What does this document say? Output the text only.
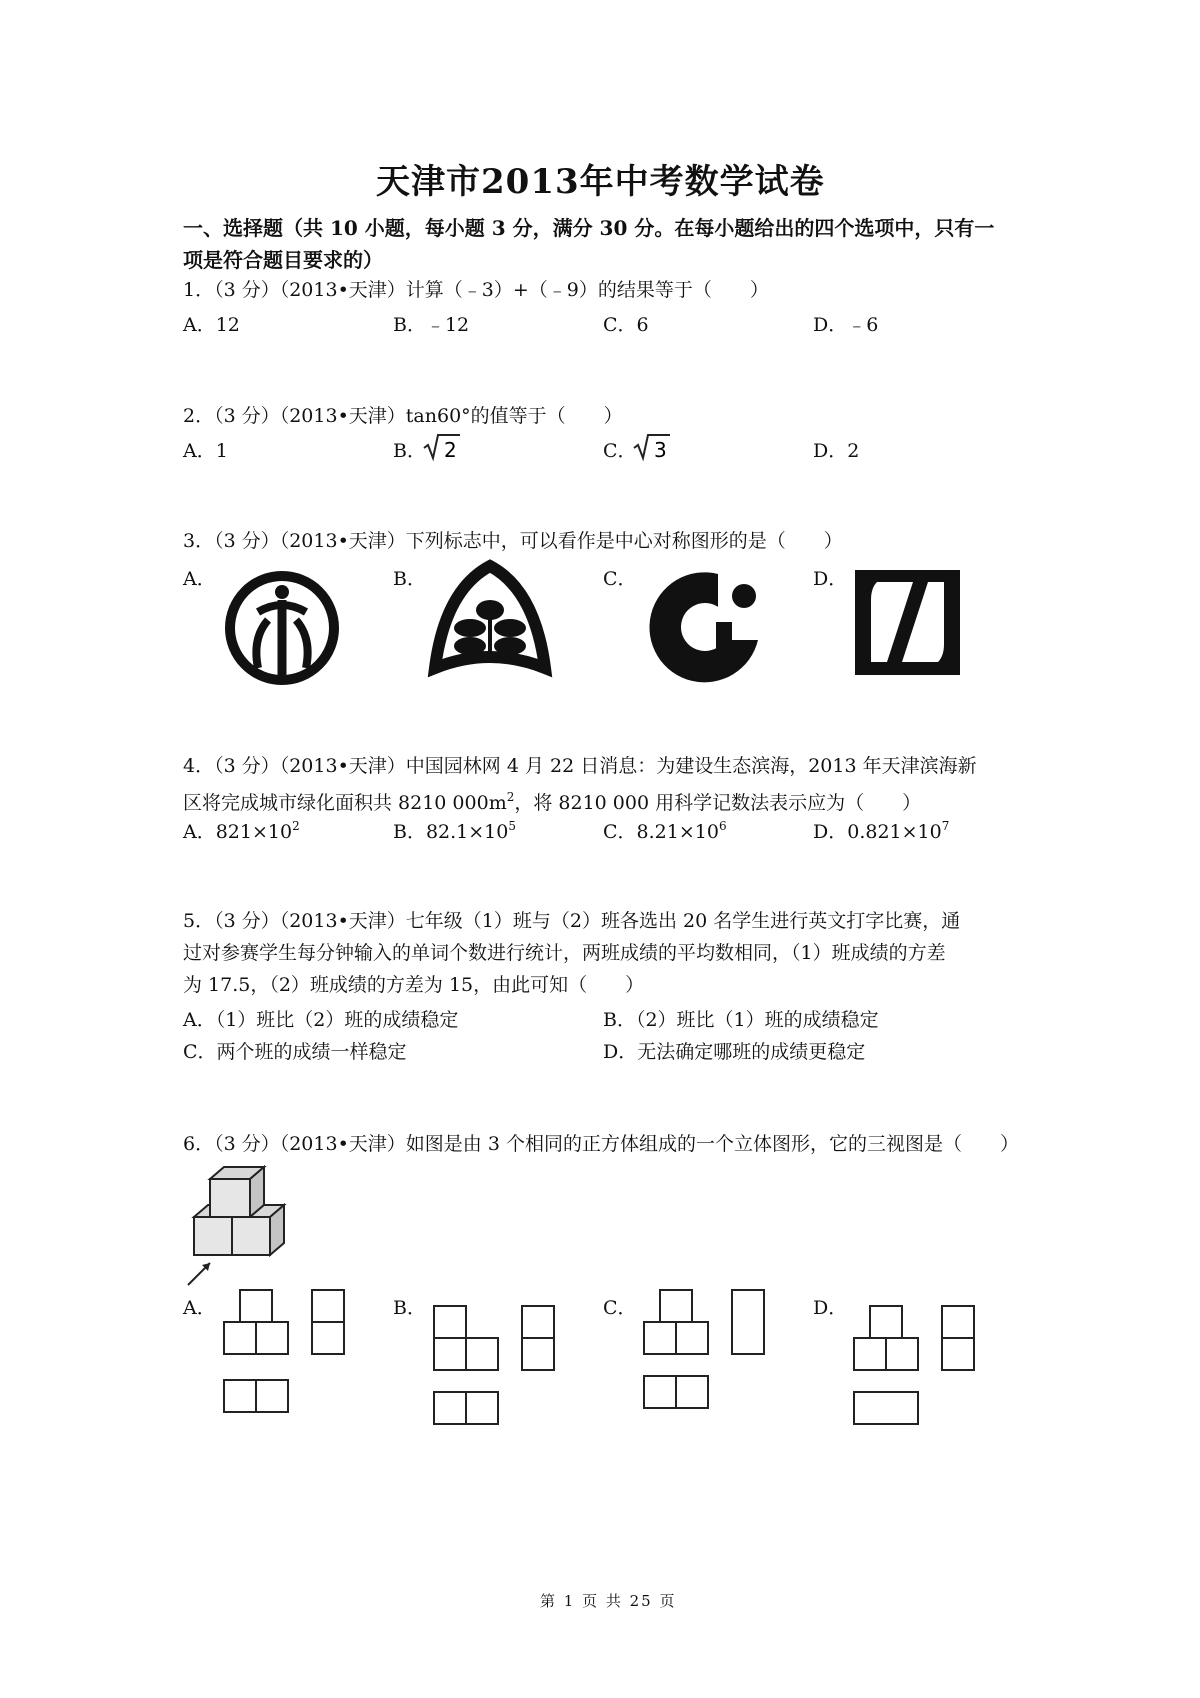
天津市2013年中考数学试卷
一、选择题（共 10 小题，每小题 3 分，满分 30 分。在每小题给出的四个选项中，只有一
项是符合题目要求的）
1．（3 分）（2013•天津）计算（﹣3）+（﹣9）的结果等于（　　）
A．12	B．﹣12	C．6	D．﹣6
2．（3 分）（2013•天津）tan60°的值等于（　　）
A．1	B． 2	C． 3	D．2
3．（3 分）（2013•天津）下列标志中，可以看作是中心对称图形的是（　　）
A．	B．	C．	D．
4．（3 分）（2013•天津）中国园林网 4 月 22 日消息：为建设生态滨海，2013 年天津滨海新
区将完成城市绿化面积共 8210 $000m^2$，将 8210 000 用科学记数法表示应为（　　）
A．$821\times 10^2$	B．$82.1\times 10^5$	C．$8.21\times 10^6$	D．$0.821\times 10^7$
5．（3 分）（2013•天津）七年级（1）班与（2）班各选出 20 名学生进行英文打字比赛，通
过对参赛学生每分钟输入的单词个数进行统计，两班成绩的平均数相同，（1）班成绩的方差
为 17.5，（2）班成绩的方差为 15，由此可知（　　）
A．（1）班比（2）班的成绩稳定	B．（2）班比（1）班的成绩稳定
C．两个班的成绩一样稳定	D．无法确定哪班的成绩更稳定
6．（3 分）（2013•天津）如图是由 3 个相同的正方体组成的一个立体图形，它的三视图是（　　）
A．	B．	C．	D．
第 1 页 共 25 页
